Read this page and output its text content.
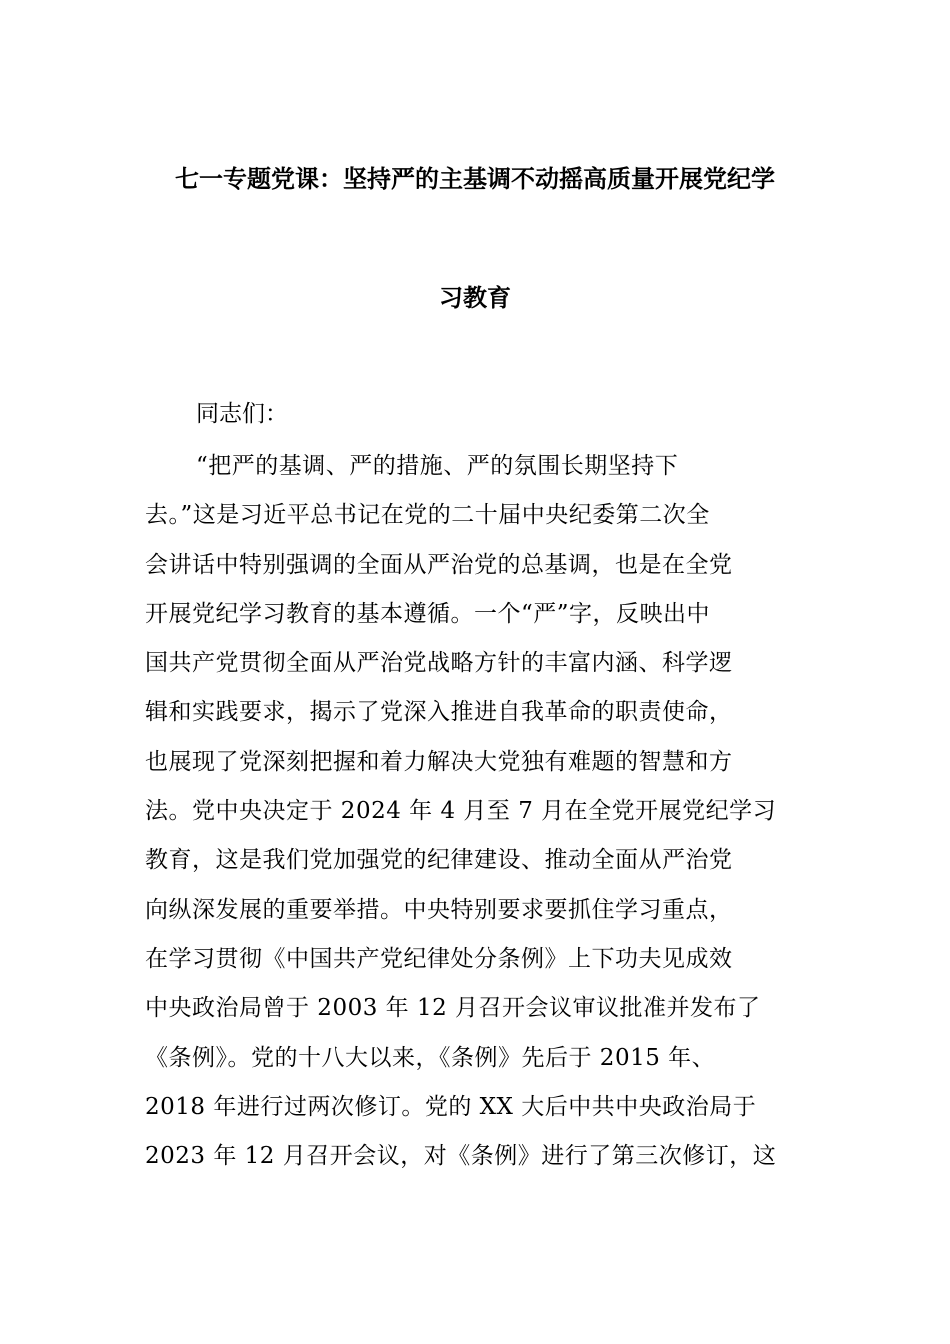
七一专题党课：坚持严的主基调不动摇高质量开展党纪学
习教育
同志们：
“把严的基调、严的措施、严的氛围长期坚持下
去。”这是习近平总书记在党的二十届中央纪委第二次全
会讲话中特别强调的全面从严治党的总基调，也是在全党
开展党纪学习教育的基本遵循。一个“严”字，反映出中
国共产党贯彻全面从严治党战略方针的丰富内涵、科学逻
辑和实践要求，揭示了党深入推进自我革命的职责使命，
也展现了党深刻把握和着力解决大党独有难题的智慧和方
法。党中央决定于 2024 年 4 月至 7 月在全党开展党纪学习
教育，这是我们党加强党的纪律建设、推动全面从严治党
向纵深发展的重要举措。中央特别要求要抓住学习重点，
在学习贯彻《中国共产党纪律处分条例》上下功夫见成效
中央政治局曾于 2003 年 12 月召开会议审议批准并发布了
《条例》。党的十八大以来，《条例》先后于 2015 年、
2018 年进行过两次修订。党的 XX 大后中共中央政治局于
2023 年 12 月召开会议，对《条例》进行了第三次修订，这
